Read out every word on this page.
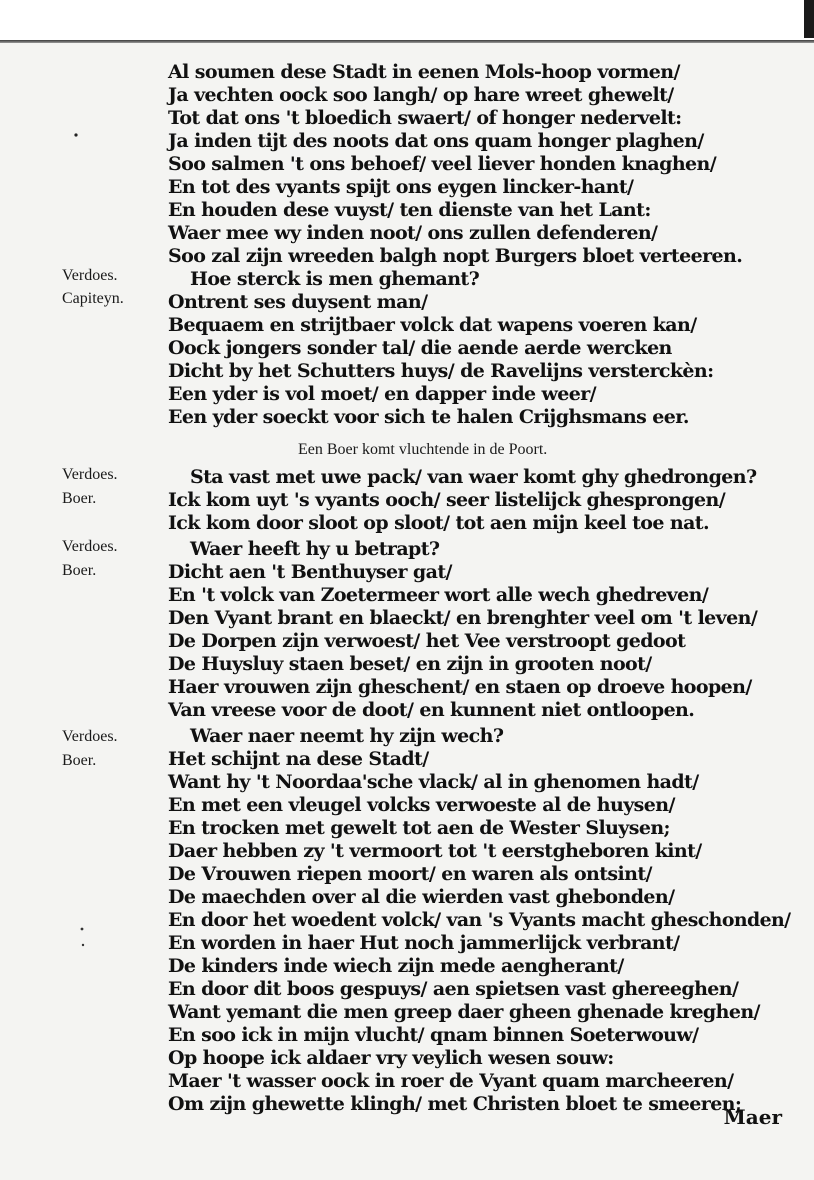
Verdoes.
Capiteyn.
Verdoes.
Boer.
Verdoes.
Boer.
Verdoes.
Boer.
Een Boer komt vluchtende in de Poort.
Al soumen dese Stadt in eenen Mols-hoop vormen/
Ja vechten oock soo langh/ op hare wreet ghewelt/
Tot dat ons 't bloedich swaert/ of honger nedervelt:
Ja inden tijt des noots dat ons quam honger plaghen/
Soo salmen 't ons behoef/ veel liever honden knaghen/
En tot des vyants spijt ons eygen lincker-hant/
En houden dese vuyst/ ten dienste van het Lant:
Waer mee wy inden noot/ ons zullen defenderen/
Soo zal zijn wreeden balgh nopt Burgers bloet verteeren.
Hoe sterck is men ghemant?
Ontrent ses duysent man/
Bequaem en strijtbaer volck dat wapens voeren kan/
Oock jongers sonder tal/ die aende aerde wercken
Dicht by het Schutters huys/ de Ravelijns versterckèn:
Een yder is vol moet/ en dapper inde weer/
Een yder soeckt voor sich te halen Crijghsmans eer.
Sta vast met uwe pack/ van waer komt ghy ghedrongen?
Ick kom uyt 's vyants ooch/ seer listelijck ghesprongen/
Ick kom door sloot op sloot/ tot aen mijn keel toe nat.
Waer heeft hy u betrapt?
Dicht aen 't Benthuyser gat/
En 't volck van Zoetermeer wort alle wech ghedreven/
Den Vyant brant en blaeckt/ en brenghter veel om 't leven/
De Dorpen zijn verwoest/ het Vee verstroopt gedoot
De Huysluy staen beset/ en zijn in grooten noot/
Haer vrouwen zijn gheschent/ en staen op droeve hoopen/
Van vreese voor de doot/ en kunnent niet ontloopen.
Waer naer neemt hy zijn wech?
Het schijnt na dese Stadt/
Want hy 't Noordaa'sche vlack/ al in ghenomen hadt/
En met een vleugel volcks verwoeste al de huysen/
En trocken met gewelt tot aen de Wester Sluysen;
Daer hebben zy 't vermoort tot 't eerstgheboren kint/
De Vrouwen riepen moort/ en waren als ontsint/
De maechden over al die wierden vast ghebonden/
En door het woedent volck/ van 's Vyants macht gheschonden/
En worden in haer Hut noch jammerlijck verbrant/
De kinders inde wiech zijn mede aengherant/
En door dit boos gespuys/ aen spietsen vast ghereeghen/
Want yemant die men greep daer gheen ghenade kreghen/
En soo ick in mijn vlucht/ qnam binnen Soeterwouw/
Op hoope ick aldaer vry veylich wesen souw:
Maer 't wasser oock in roer de Vyant quam marcheeren/
Om zijn ghewette klingh/ met Christen bloet te smeeren;
Maer
